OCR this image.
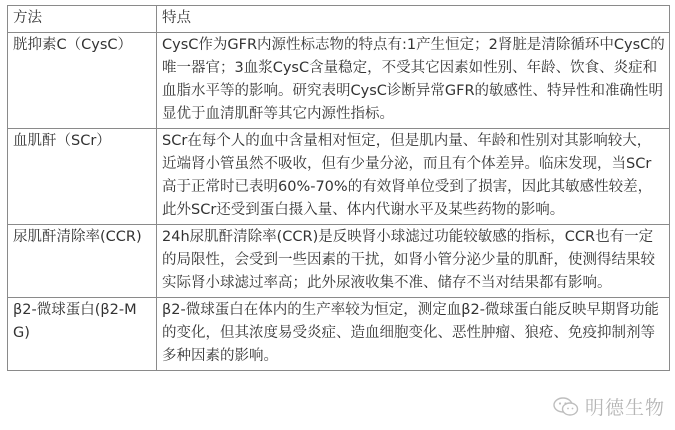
方法	特点
胱抑素C（CysC）	CysC作为GFR内源性标志物的特点有:1产生恒定；2肾脏是清除循环中CysC的唯一器官；3血浆CysC含量稳定，不受其它因素如性别、年龄、饮食、炎症和血脂水平等的影响。研究表明CysC诊断异常GFR的敏感性、特异性和准确性明显优于血清肌酐等其它内源性指标。
血肌酐（SCr）	SCr在每个人的血中含量相对恒定，但是肌内量、年龄和性别对其影响较大，近端肾小管虽然不吸收，但有少量分泌，而且有个体差异。临床发现，当SCr高于正常时已表明60%-70%的有效肾单位受到了损害，因此其敏感性较差，此外SCr还受到蛋白摄入量、体内代谢水平及某些药物的影响。
尿肌酐清除率(CCR)	24h尿肌酐清除率(CCR)是反映肾小球滤过功能较敏感的指标，CCR也有一定的局限性，会受到一些因素的干扰，如肾小管分泌少量的肌酐，使测得结果较实际肾小球滤过率高；此外尿液收集不准、储存不当对结果都有影响。
β2-微球蛋白(β2-MG)	β2-微球蛋白在体内的生产率较为恒定，测定血β2-微球蛋白能反映早期肾功能的变化，但其浓度易受炎症、造血细胞变化、恶性肿瘤、狼疮、免疫抑制剂等多种因素的影响。
明德生物
